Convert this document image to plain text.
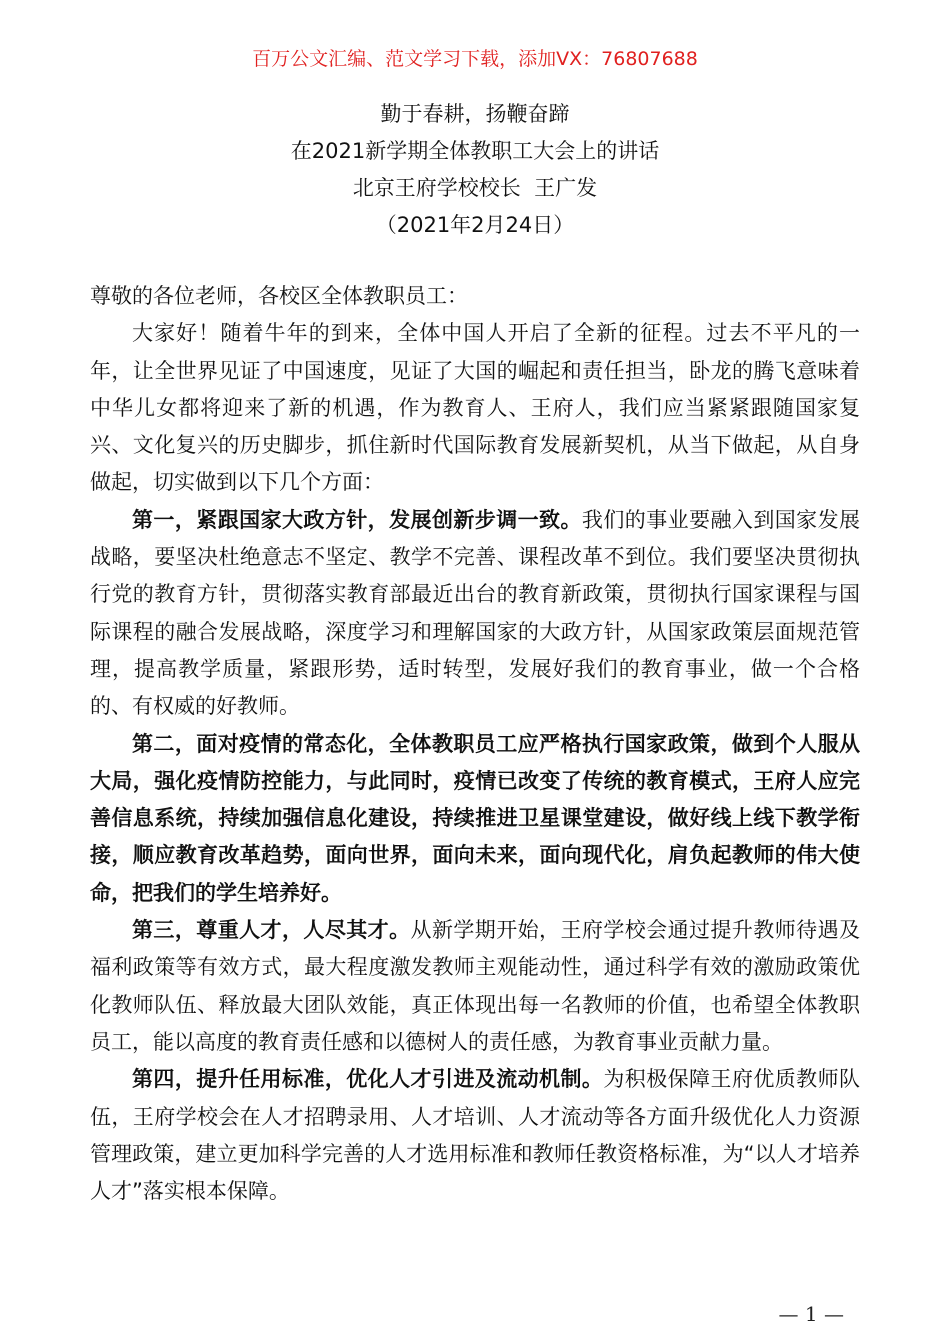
百万公文汇编、范文学习下载，添加VX：76807688
勤于春耕，扬鞭奋蹄
在2021新学期全体教职工大会上的讲话
北京王府学校校长  王广发
（2021年2月24日）

尊敬的各位老师，各校区全体教职员工：

大家好！随着牛年的到来，全体中国人开启了全新的征程。过去不平凡的一年，让全世界见证了中国速度，见证了大国的崛起和责任担当，卧龙的腾飞意味着中华儿女都将迎来了新的机遇，作为教育人、王府人，我们应当紧紧跟随国家复兴、文化复兴的历史脚步，抓住新时代国际教育发展新契机，从当下做起，从自身做起，切实做到以下几个方面：

第一，紧跟国家大政方针，发展创新步调一致。我们的事业要融入到国家发展战略，要坚决杜绝意志不坚定、教学不完善、课程改革不到位。我们要坚决贯彻执行党的教育方针，贯彻落实教育部最近出台的教育新政策，贯彻执行国家课程与国际课程的融合发展战略，深度学习和理解国家的大政方针，从国家政策层面规范管理，提高教学质量，紧跟形势，适时转型，发展好我们的教育事业，做一个合格的、有权威的好教师。

第二，面对疫情的常态化，全体教职员工应严格执行国家政策，做到个人服从大局，强化疫情防控能力，与此同时，疫情已改变了传统的教育模式，王府人应完善信息系统，持续加强信息化建设，持续推进卫星课堂建设，做好线上线下教学衔接，顺应教育改革趋势，面向世界，面向未来，面向现代化，肩负起教师的伟大使命，把我们的学生培养好。

第三，尊重人才，人尽其才。从新学期开始，王府学校会通过提升教师待遇及福利政策等有效方式，最大程度激发教师主观能动性，通过科学有效的激励政策优化教师队伍、释放最大团队效能，真正体现出每一名教师的价值，也希望全体教职员工，能以高度的教育责任感和以德树人的责任感，为教育事业贡献力量。

第四，提升任用标准，优化人才引进及流动机制。为积极保障王府优质教师队伍，王府学校会在人才招聘录用、人才培训、人才流动等各方面升级优化人力资源管理政策，建立更加科学完善的人才选用标准和教师任教资格标准，为“以人才培养人才”落实根本保障。

— 1 —
